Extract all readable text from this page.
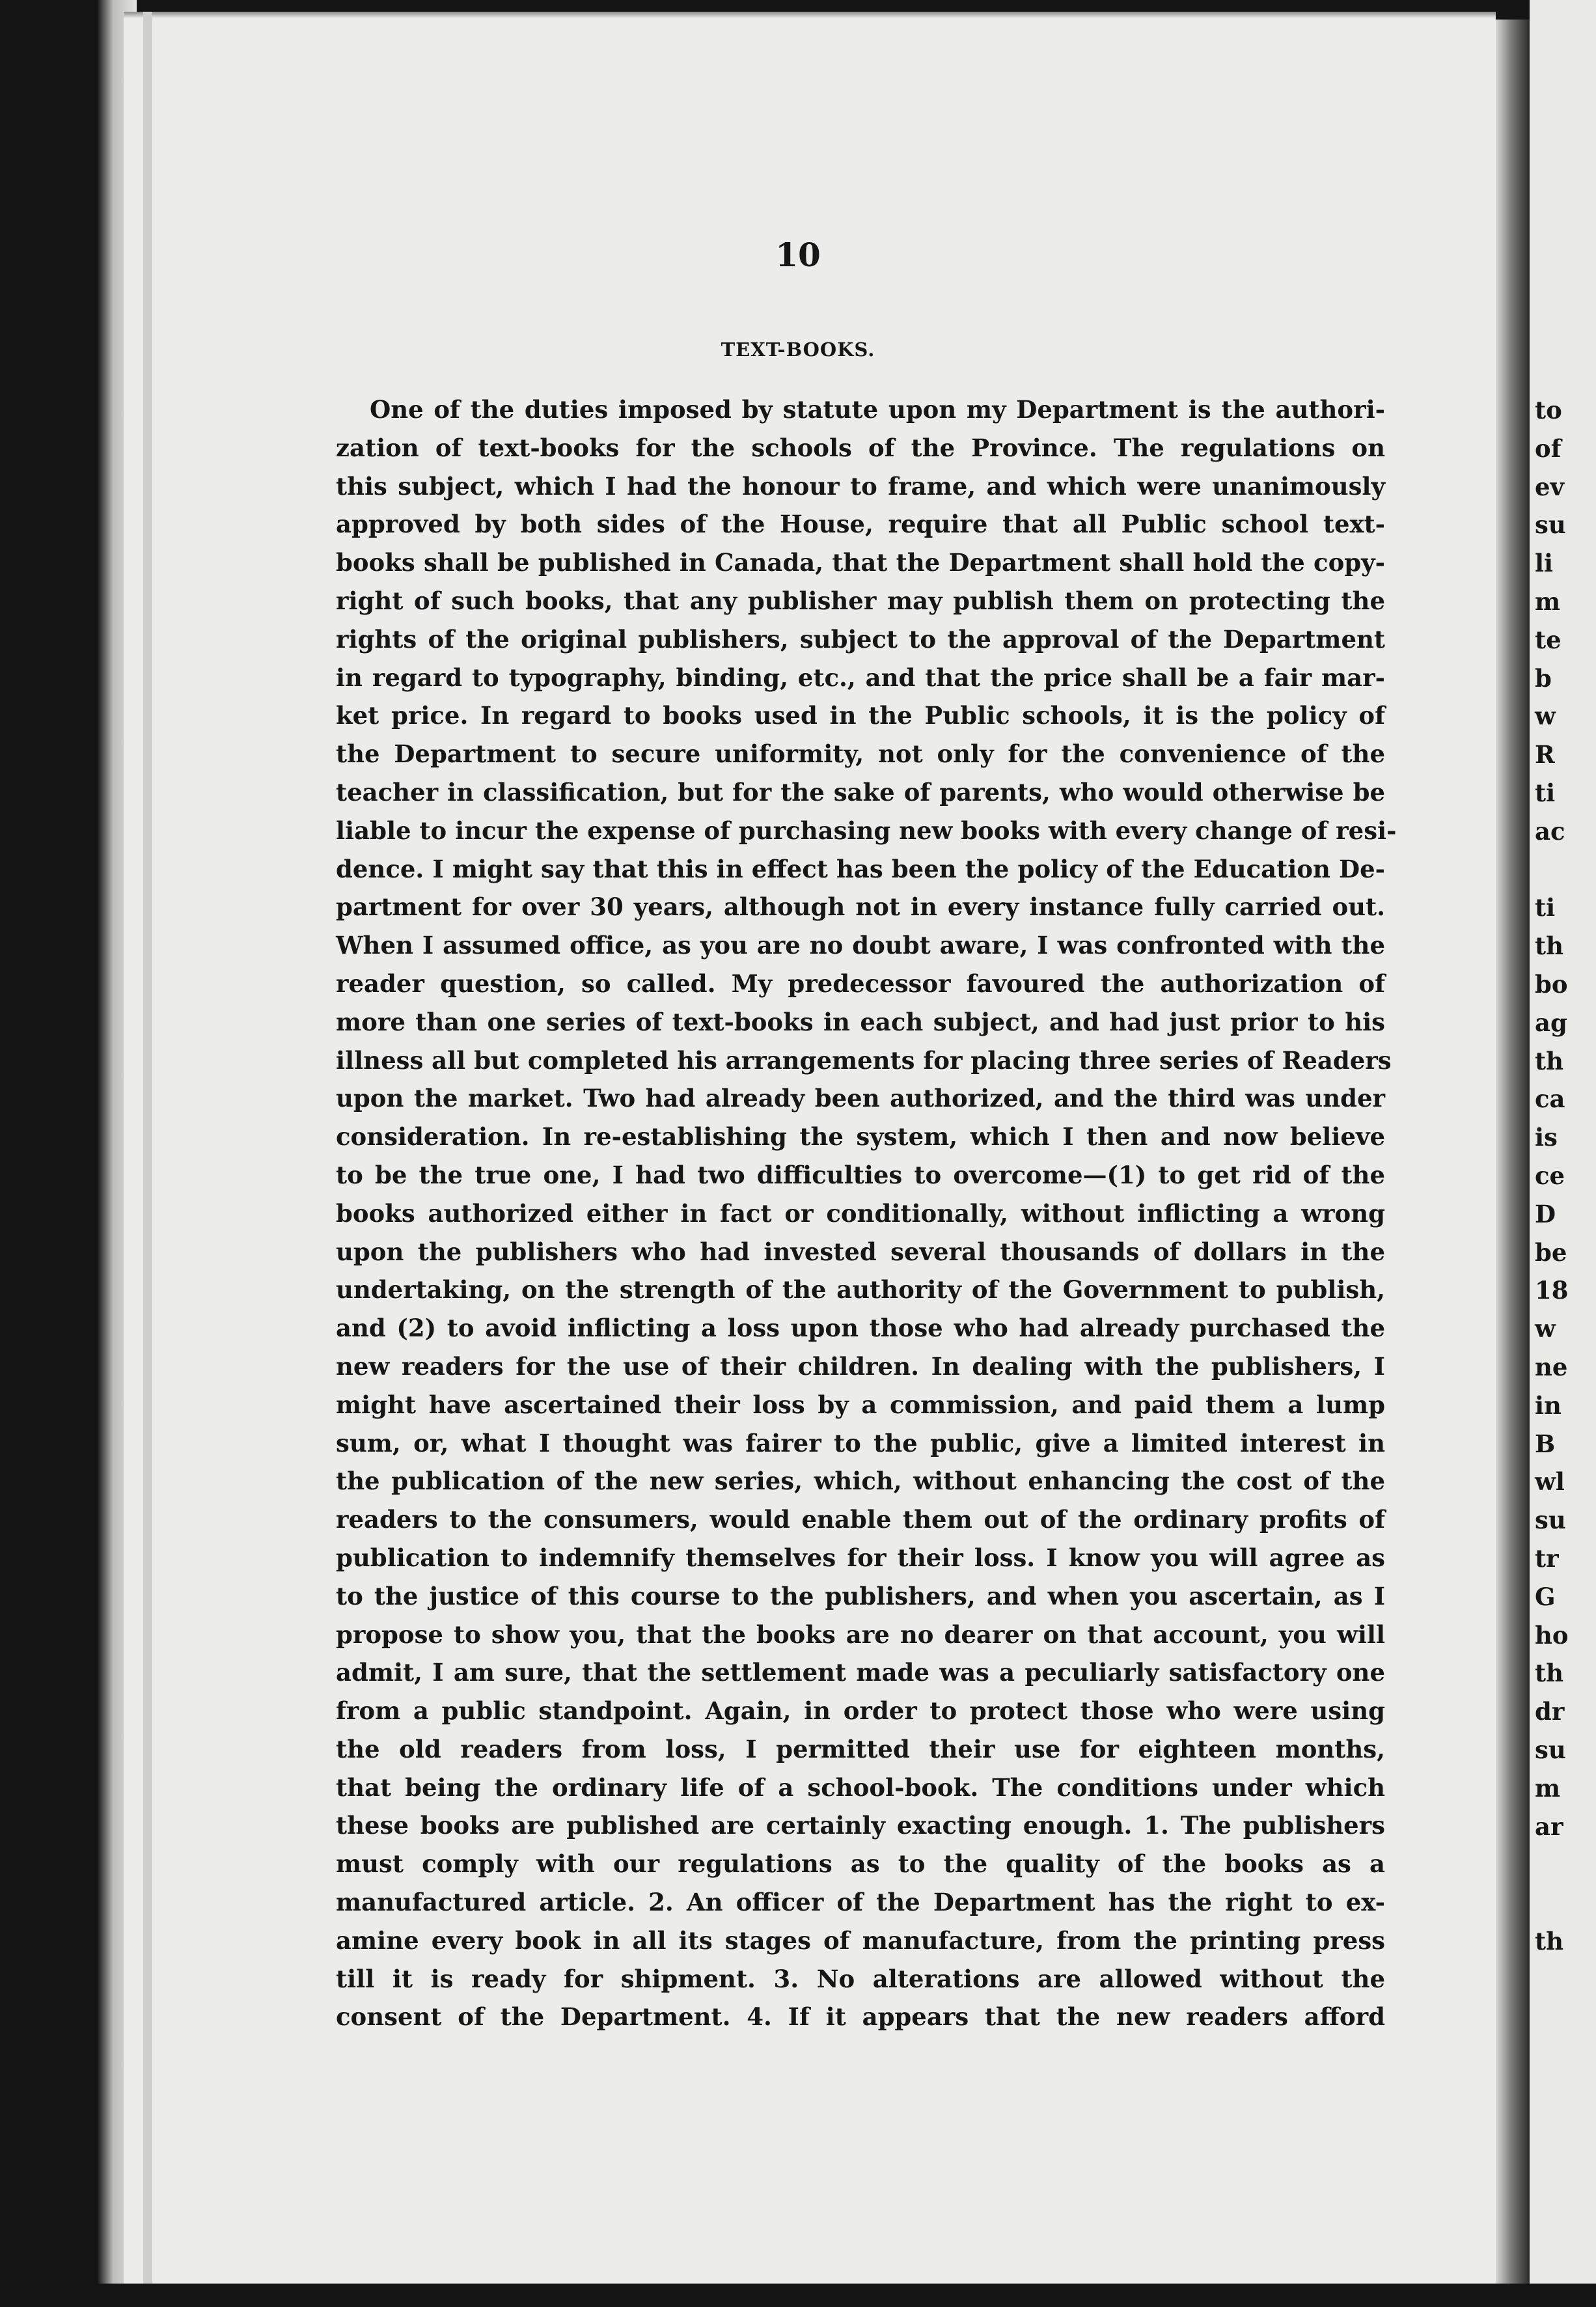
to
of
ev
su
li
m
te
b
w
R
ti
ac
ti
th
bo
ag
th
ca
is
ce
D
be
18
w
ne
in
B
wl
su
tr
G
ho
th
dr
su
m
ar
th
10
TEXT-BOOKS.
One of the duties imposed by statute upon my Department is the authori-
zation of text-books for the schools of the Province. The regulations on
this subject, which I had the honour to frame, and which were unanimously
approved by both sides of the House, require that all Public school text-
books shall be published in Canada, that the Department shall hold the copy-
right of such books, that any publisher may publish them on protecting the
rights of the original publishers, subject to the approval of the Department
in regard to typography, binding, etc., and that the price shall be a fair mar-
ket price. In regard to books used in the Public schools, it is the policy of
the Department to secure uniformity, not only for the convenience of the
teacher in classification, but for the sake of parents, who would otherwise be
liable to incur the expense of purchasing new books with every change of resi-
dence. I might say that this in effect has been the policy of the Education De-
partment for over 30 years, although not in every instance fully carried out.
When I assumed office, as you are no doubt aware, I was confronted with the
reader question, so called. My predecessor favoured the authorization of
more than one series of text-books in each subject, and had just prior to his
illness all but completed his arrangements for placing three series of Readers
upon the market. Two had already been authorized, and the third was under
consideration. In re-establishing the system, which I then and now believe
to be the true one, I had two difficulties to overcome—(1) to get rid of the
books authorized either in fact or conditionally, without inflicting a wrong
upon the publishers who had invested several thousands of dollars in the
undertaking, on the strength of the authority of the Government to publish,
and (2) to avoid inflicting a loss upon those who had already purchased the
new readers for the use of their children. In dealing with the publishers, I
might have ascertained their loss by a commission, and paid them a lump
sum, or, what I thought was fairer to the public, give a limited interest in
the publication of the new series, which, without enhancing the cost of the
readers to the consumers, would enable them out of the ordinary profits of
publication to indemnify themselves for their loss. I know you will agree as
to the justice of this course to the publishers, and when you ascertain, as I
propose to show you, that the books are no dearer on that account, you will
admit, I am sure, that the settlement made was a peculiarly satisfactory one
from a public standpoint. Again, in order to protect those who were using
the old readers from loss, I permitted their use for eighteen months,
that being the ordinary life of a school-book. The conditions under which
these books are published are certainly exacting enough. 1. The publishers
must comply with our regulations as to the quality of the books as a
manufactured article. 2. An officer of the Department has the right to ex-
amine every book in all its stages of manufacture, from the printing press
till it is ready for shipment. 3. No alterations are allowed without the
consent of the Department. 4. If it appears that the new readers afford
